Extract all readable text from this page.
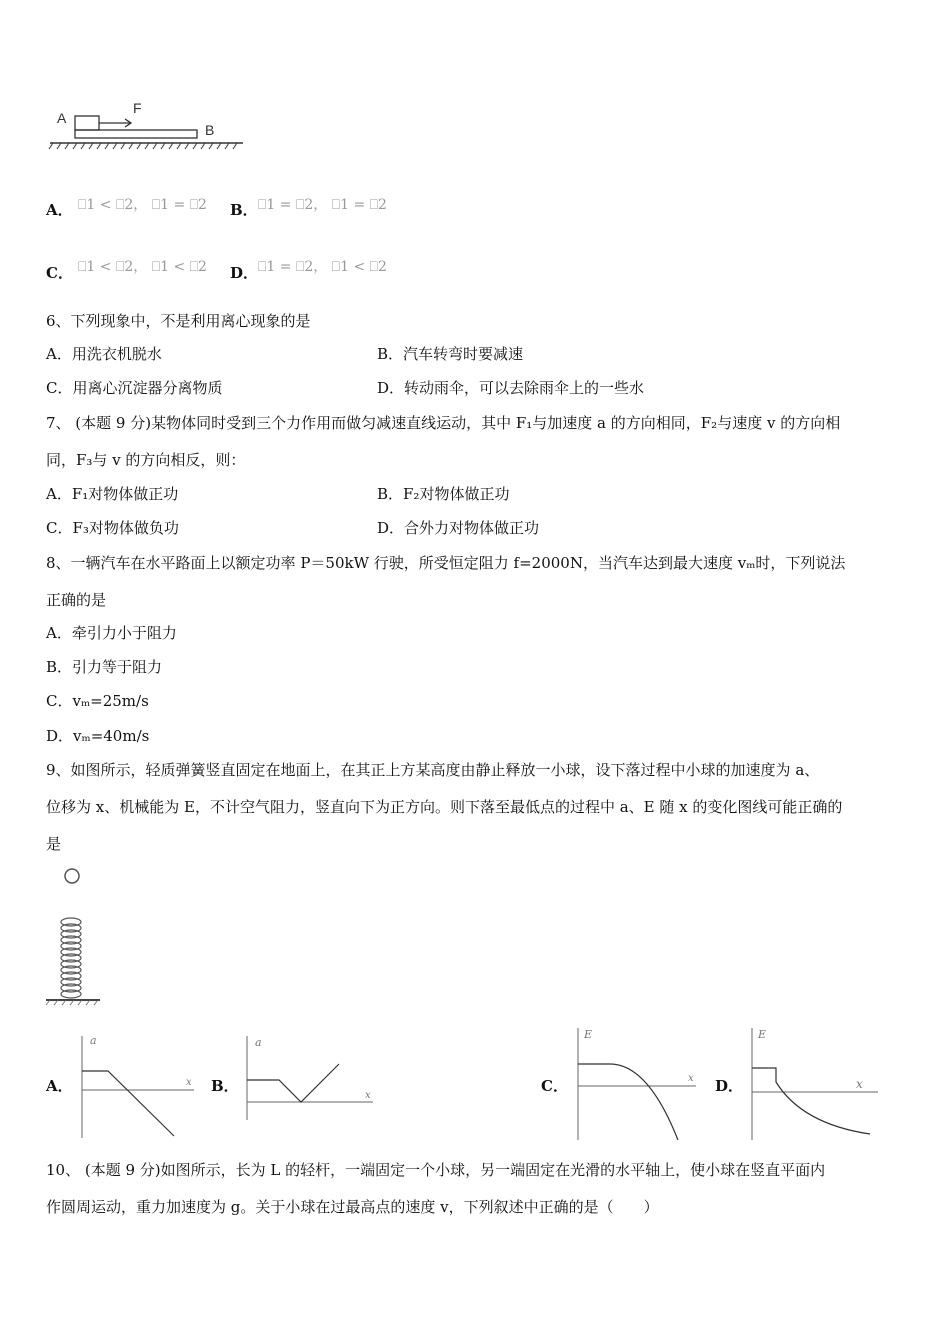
A
F
B
A． ⎕1 < ⎕2， ⎕1 = ⎕2 B． ⎕1 = ⎕2， ⎕1 = ⎕2
C． ⎕1 < ⎕2， ⎕1 < ⎕2 D． ⎕1 = ⎕2， ⎕1 < ⎕2
6、下列现象中，不是利用离心现象的是
A．用洗衣机脱水	B．汽车转弯时要减速
C．用离心沉淀器分离物质	D．转动雨伞，可以去除雨伞上的一些水
7、 (本题 9 分)某物体同时受到三个力作用而做匀减速直线运动，其中 F₁与加速度 a 的方向相同，F₂与速度 v 的方向相
同，F₃与 v 的方向相反，则：
A．F₁对物体做正功	B．F₂对物体做正功
C．F₃对物体做负功	D．合外力对物体做正功
8、一辆汽车在水平路面上以额定功率 P＝50kW 行驶，所受恒定阻力 f=2000N，当汽车达到最大速度 vₘ时，下列说法
正确的是
A．牵引力小于阻力
B．引力等于阻力
C．vₘ=25m/s
D．vₘ=40m/s
9、如图所示，轻质弹簧竖直固定在地面上，在其正上方某高度由静止释放一小球，设下落过程中小球的加速度为 a、
位移为 x、机械能为 E，不计空气阻力，竖直向下为正方向。则下落至最低点的过程中 a、E 随 x 的变化图线可能正确的
是
A．	B．	C．	D．
a
x
a
x
E
x
E
x
10、 (本题 9 分)如图所示，长为 L 的轻杆，一端固定一个小球，另一端固定在光滑的水平轴上，使小球在竖直平面内
作圆周运动，重力加速度为 g。关于小球在过最高点的速度 v，下列叙述中正确的是（　　）
